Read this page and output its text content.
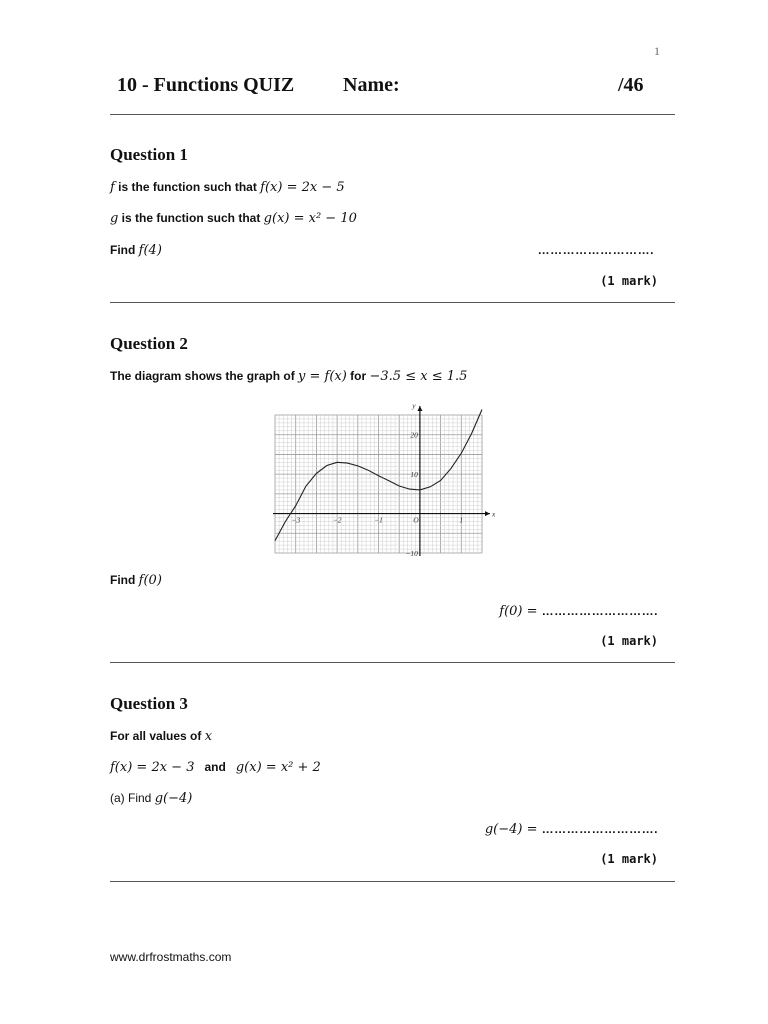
1
10 - Functions QUIZ Name:	/46
Question 1
f is the function such that f(x) = 2x − 5
g is the function such that g(x) = x² − 10
Find f(4)	……………………….
(1 mark)
Question 2
The diagram shows the graph of y = f(x) for −3.5 ≤ x ≤ 1.5
x
y
−3	−2	−1	O	1
20
10
−10
Find f(0)
f(0) = ……………………….
(1 mark)
Question 3
For all values of x
f(x) = 2x − 3 and g(x) = x² + 2
(a) Find g(−4)
g(−4) = ……………………….
(1 mark)
www.drfrostmaths.com
